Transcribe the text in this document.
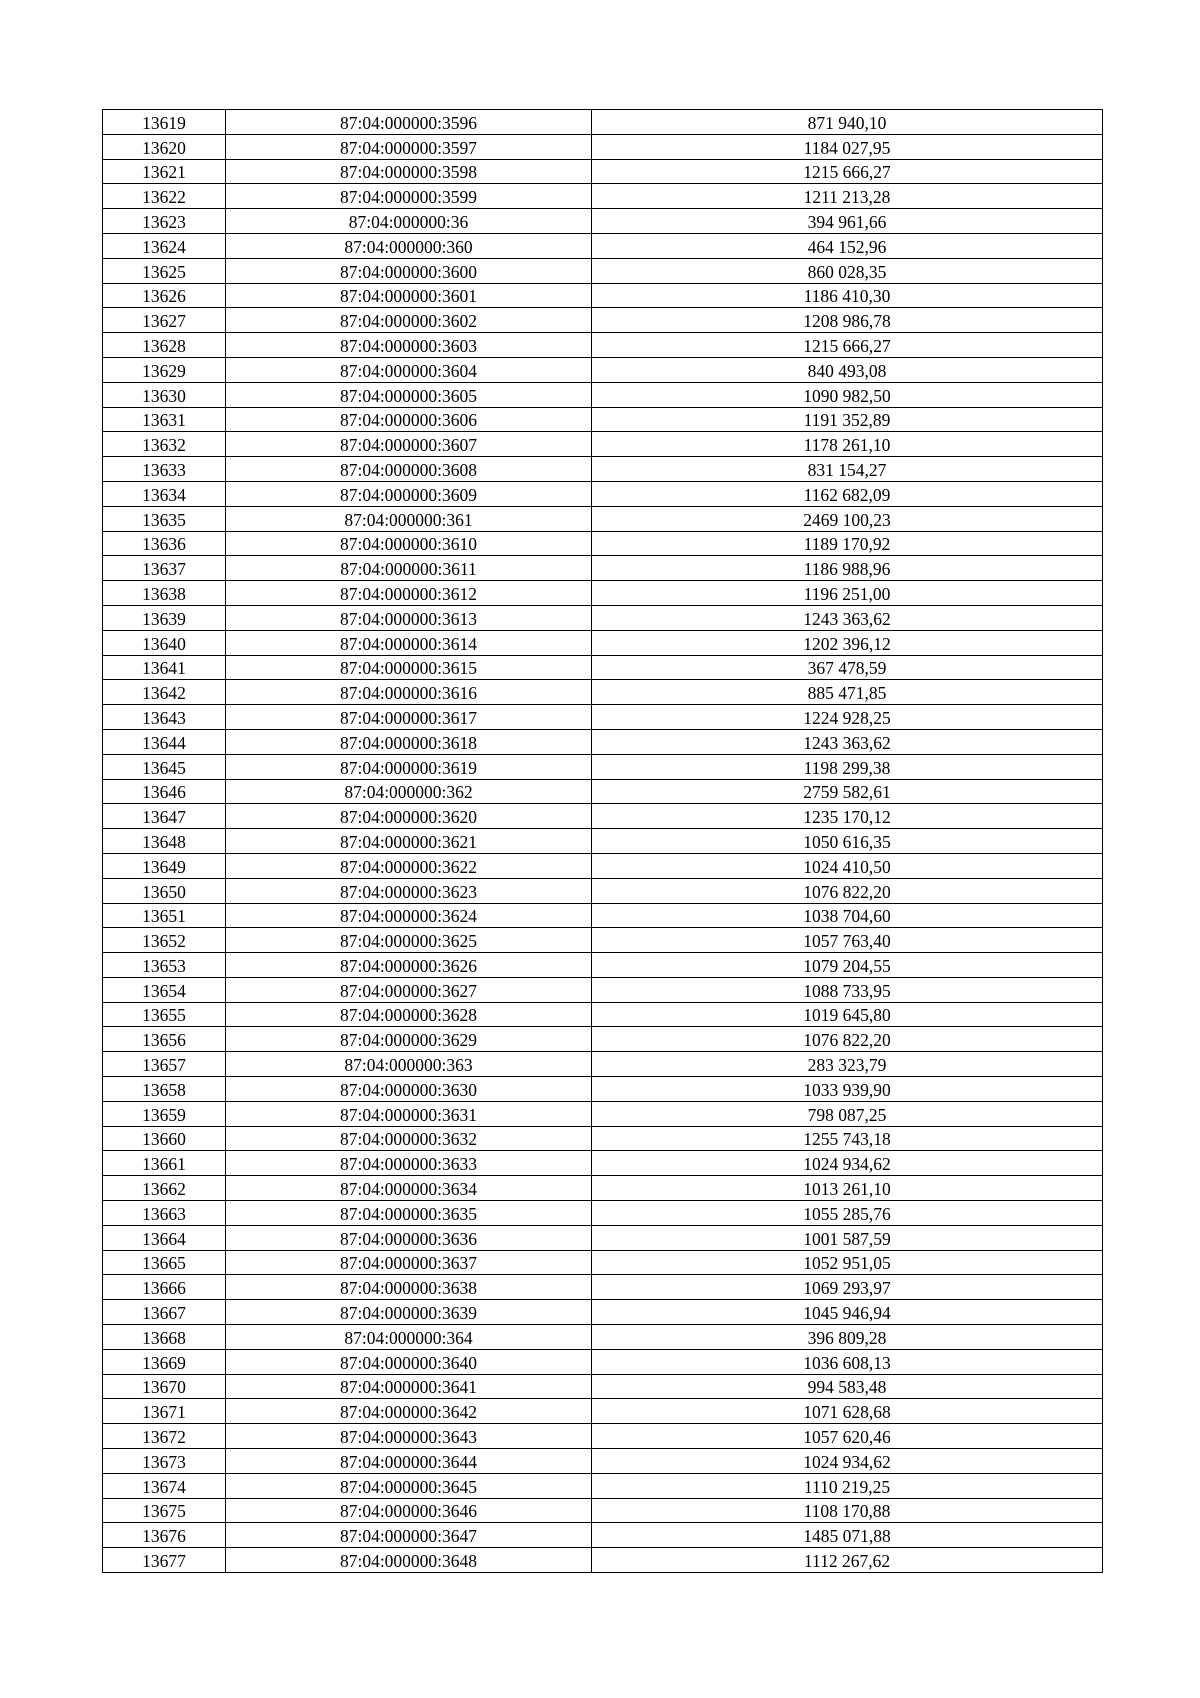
13619	87:04:000000:3596	871 940,10
13620	87:04:000000:3597	1184 027,95
13621	87:04:000000:3598	1215 666,27
13622	87:04:000000:3599	1211 213,28
13623	87:04:000000:36	394 961,66
13624	87:04:000000:360	464 152,96
13625	87:04:000000:3600	860 028,35
13626	87:04:000000:3601	1186 410,30
13627	87:04:000000:3602	1208 986,78
13628	87:04:000000:3603	1215 666,27
13629	87:04:000000:3604	840 493,08
13630	87:04:000000:3605	1090 982,50
13631	87:04:000000:3606	1191 352,89
13632	87:04:000000:3607	1178 261,10
13633	87:04:000000:3608	831 154,27
13634	87:04:000000:3609	1162 682,09
13635	87:04:000000:361	2469 100,23
13636	87:04:000000:3610	1189 170,92
13637	87:04:000000:3611	1186 988,96
13638	87:04:000000:3612	1196 251,00
13639	87:04:000000:3613	1243 363,62
13640	87:04:000000:3614	1202 396,12
13641	87:04:000000:3615	367 478,59
13642	87:04:000000:3616	885 471,85
13643	87:04:000000:3617	1224 928,25
13644	87:04:000000:3618	1243 363,62
13645	87:04:000000:3619	1198 299,38
13646	87:04:000000:362	2759 582,61
13647	87:04:000000:3620	1235 170,12
13648	87:04:000000:3621	1050 616,35
13649	87:04:000000:3622	1024 410,50
13650	87:04:000000:3623	1076 822,20
13651	87:04:000000:3624	1038 704,60
13652	87:04:000000:3625	1057 763,40
13653	87:04:000000:3626	1079 204,55
13654	87:04:000000:3627	1088 733,95
13655	87:04:000000:3628	1019 645,80
13656	87:04:000000:3629	1076 822,20
13657	87:04:000000:363	283 323,79
13658	87:04:000000:3630	1033 939,90
13659	87:04:000000:3631	798 087,25
13660	87:04:000000:3632	1255 743,18
13661	87:04:000000:3633	1024 934,62
13662	87:04:000000:3634	1013 261,10
13663	87:04:000000:3635	1055 285,76
13664	87:04:000000:3636	1001 587,59
13665	87:04:000000:3637	1052 951,05
13666	87:04:000000:3638	1069 293,97
13667	87:04:000000:3639	1045 946,94
13668	87:04:000000:364	396 809,28
13669	87:04:000000:3640	1036 608,13
13670	87:04:000000:3641	994 583,48
13671	87:04:000000:3642	1071 628,68
13672	87:04:000000:3643	1057 620,46
13673	87:04:000000:3644	1024 934,62
13674	87:04:000000:3645	1110 219,25
13675	87:04:000000:3646	1108 170,88
13676	87:04:000000:3647	1485 071,88
13677	87:04:000000:3648	1112 267,62
